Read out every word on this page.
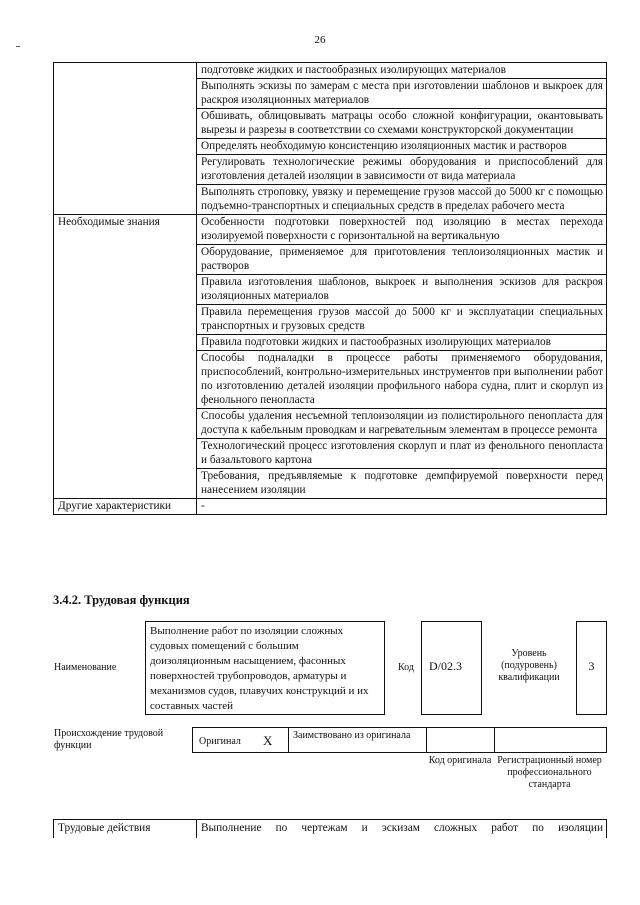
26
	подготовке жидких и пастообразных изолирующих материалов
	Выполнять эскизы по замерам с места при изготовлении шаблонов и выкроек для раскроя изоляционных материалов
	Обшивать, облицовывать матрацы особо сложной конфигурации, окантовывать вырезы и разрезы в соответствии со схемами конструкторской документации
	Определять необходимую консистенцию изоляционных мастик и растворов
	Регулировать технологические режимы оборудования и приспособлений для изготовления деталей изоляции в зависимости от вида материала
	Выполнять строповку, увязку и перемещение грузов массой до 5000 кг с помощью подъемно-транспортных и специальных средств в пределах рабочего места
Необходимые знания	Особенности подготовки поверхностей под изоляцию в местах перехода изолируемой поверхности с горизонтальной на вертикальную
	Оборудование, применяемое для приготовления теплоизоляционных мастик и растворов
	Правила изготовления шаблонов, выкроек и выполнения эскизов для раскроя изоляционных материалов
	Правила перемещения грузов массой до 5000 кг и эксплуатации специальных транспортных и грузовых средств
	Правила подготовки жидких и пастообразных изолирующих материалов
	Способы подналадки в процессе работы применяемого оборудования, приспособлений, контрольно-измерительных инструментов при выполнении работ по изготовлению деталей изоляции профильного набора судна, плит и скорлуп из фенольного пенопласта
	Способы удаления несъемной теплоизоляции из полистирольного пенопласта для доступа к кабельным проводкам и нагревательным элементам в процессе ремонта
	Технологический процесс изготовления скорлуп и плат из фенольного пенопласта и базальтового картона
	Требования, предъявляемые к подготовке демпфируемой поверхности перед нанесением изоляции
Другие характеристики	-
3.4.2. Трудовая функция
Наименование
Выполнение работ по изоляции сложных судовых помещений с большим доизоляционным насыщением, фасонных поверхностей трубопроводов, арматуры и механизмов судов, плавучих конструкций и их составных частей
Код	D/02.3
Уровень (подуровень) квалификации
3
Происхождение трудовой функции	Оригинал X	Заимствовано из оригинала
Код оригинала Регистрационный номер профессионального стандарта
Трудовые действия	Выполнение по чертежам и эскизам сложных работ по изоляции
